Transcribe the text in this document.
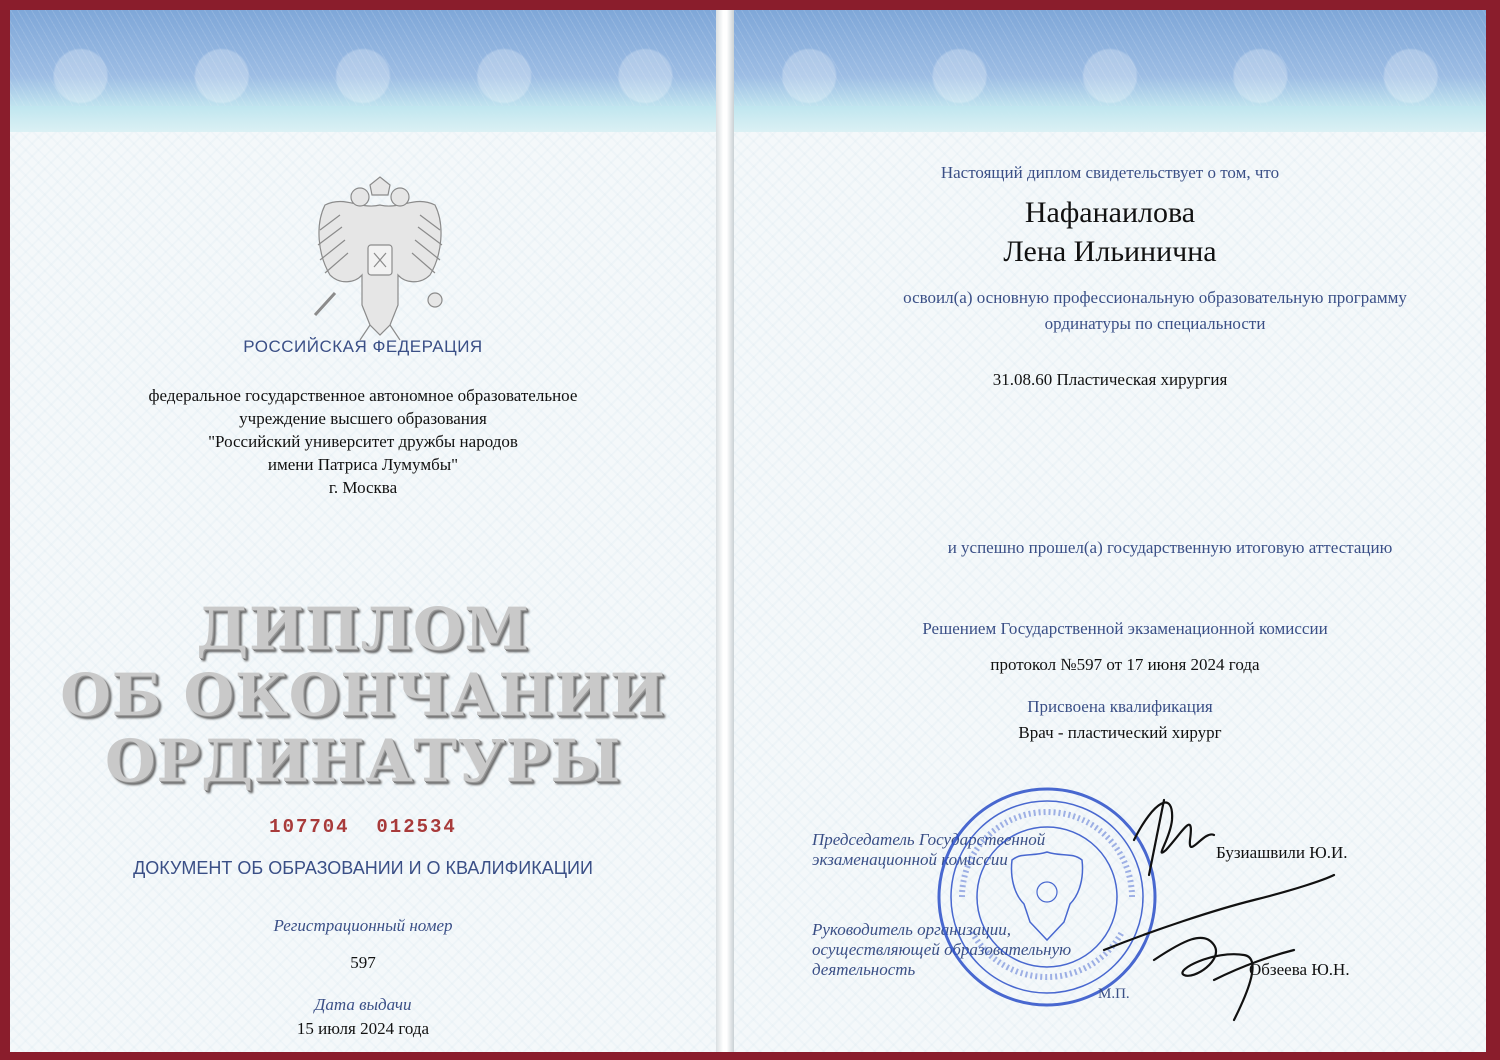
РОССИЙСКАЯ ФЕДЕРАЦИЯ
федеральное государственное автономное образовательное
учреждение высшего образования
"Российский университет дружбы народов
имени Патриса Лумумбы"
г. Москва
ДИПЛОМ
ОБ ОКОНЧАНИИ
ОРДИНАТУРЫ
107704  012534
ДОКУМЕНТ ОБ ОБРАЗОВАНИИ И О КВАЛИФИКАЦИИ
Регистрационный номер
597
Дата выдачи
15 июля 2024 года
Настоящий диплом свидетельствует о том, что
Нафанаилова
Лена Ильинична
освоил(а) основную профессиональную образовательную программу
ординатуры по специальности
31.08.60 Пластическая хирургия
и успешно прошел(а) государственную итоговую аттестацию
Решением Государственной экзаменационной комиссии
протокол №597 от 17 июня 2024 года
Присвоена квалификация
Врач - пластический хирург
Председатель Государственной
экзаменационной комиссии	Бузиашвили Ю.И.
Руководитель организации,
осуществляющей образовательную
деятельность	Обзеева Ю.Н.
М.П.
